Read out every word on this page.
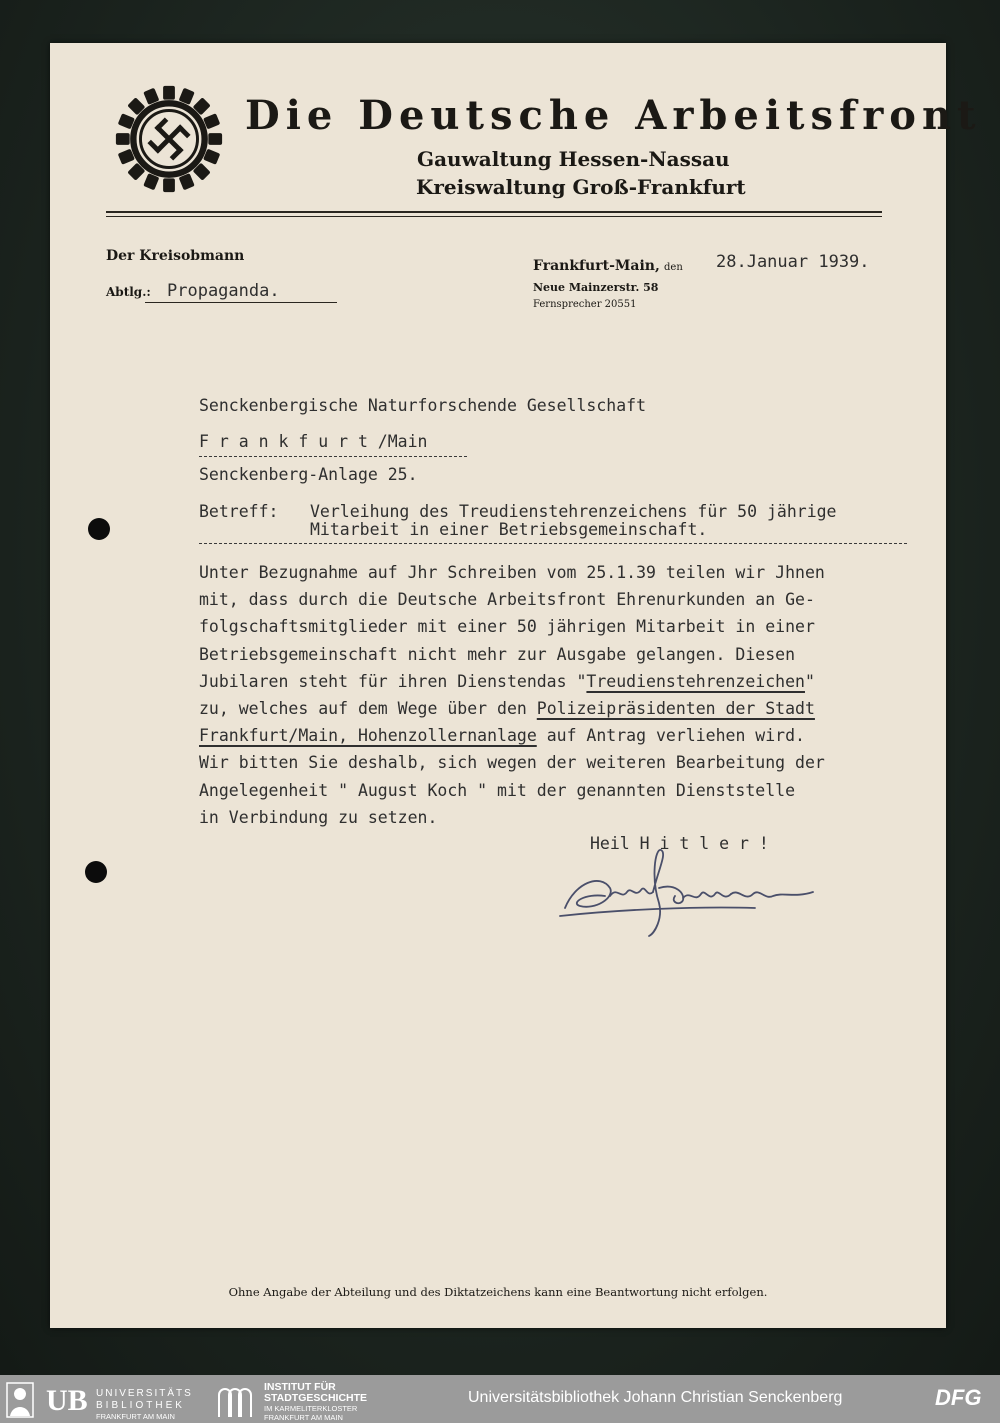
Die Deutsche Arbeitsfront
Gauwaltung Hessen-Nassau
Kreiswaltung Groß-Frankfurt
Der Kreisobmann
Abtlg.: Propaganda.
Frankfurt-Main, den 28.Januar 1939.
Neue Mainzerstr. 58
Fernsprecher 20551
Senckenbergische Naturforschende Gesellschaft
F r a n k f u r t /Main
Senckenberg-Anlage 25.
Betreff: Verleihung des Treudienstehrenzeichens für 50 jährige
Mitarbeit in einer Betriebsgemeinschaft.
Unter Bezugnahme auf Jhr Schreiben vom 25.1.39 teilen wir Jhnen
mit, dass durch die Deutsche Arbeitsfront Ehrenurkunden an Ge-
folgschaftsmitglieder mit einer 50 jährigen Mitarbeit in einer
Betriebsgemeinschaft nicht mehr zur Ausgabe gelangen. Diesen
Jubilaren steht für ihren Dienstendas "Treudienstehrenzeichen"
zu, welches auf dem Wege über den Polizeipräsidenten der Stadt
Frankfurt/Main, Hohenzollernanlage auf Antrag verliehen wird.
Wir bitten Sie deshalb, sich wegen der weiteren Bearbeitung der
Angelegenheit " August Koch " mit der genannten Dienststelle
in Verbindung zu setzen.
Heil H i t l e r !
Ohne Angabe der Abteilung und des Diktatzeichens kann eine Beantwortung nicht erfolgen.
UB UNIVERSITÄTS
BIBLIOTHEK
FRANKFURT AM MAIN
INSTITUT FÜR
STADTGESCHICHTE
IM KARMELITERKLOSTER
FRANKFURT AM MAIN
Universitätsbibliothek Johann Christian Senckenberg	DFG
